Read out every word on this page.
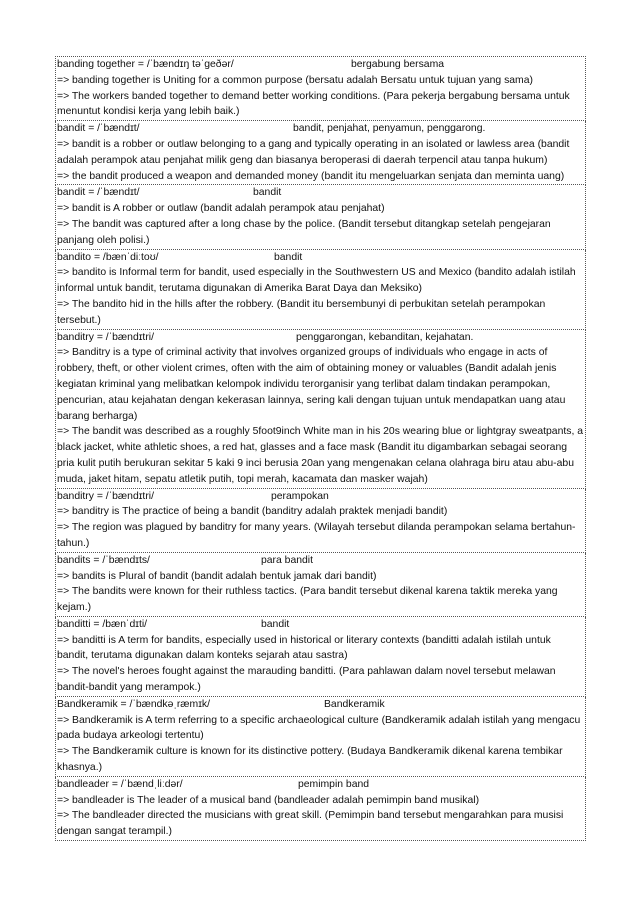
banding together = /ˈbændɪŋ təˈɡeðər/	bergabung bersama
=> banding together is Uniting for a common purpose (bersatu adalah Bersatu untuk tujuan yang sama)
=> The workers banded together to demand better working conditions. (Para pekerja bergabung bersama untuk menuntut kondisi kerja yang lebih baik.)
bandit = /ˈbændɪt/	bandit, penjahat, penyamun, penggarong.
=> bandit is a robber or outlaw belonging to a gang and typically operating in an isolated or lawless area (bandit adalah perampok atau penjahat milik geng dan biasanya beroperasi di daerah terpencil atau tanpa hukum)
=> the bandit produced a weapon and demanded money (bandit itu mengeluarkan senjata dan meminta uang)
bandit = /ˈbændɪt/	bandit
=> bandit is A robber or outlaw (bandit adalah perampok atau penjahat)
=> The bandit was captured after a long chase by the police. (Bandit tersebut ditangkap setelah pengejaran panjang oleh polisi.)
bandito = /bænˈdiːtoʊ/	bandit
=> bandito is Informal term for bandit, used especially in the Southwestern US and Mexico (bandito adalah istilah informal untuk bandit, terutama digunakan di Amerika Barat Daya dan Meksiko)
=> The bandito hid in the hills after the robbery. (Bandit itu bersembunyi di perbukitan setelah perampokan tersebut.)
banditry = /ˈbændɪtri/	penggarongan, kebanditan, kejahatan.
=> Banditry is a type of criminal activity that involves organized groups of individuals who engage in acts of robbery, theft, or other violent crimes, often with the aim of obtaining money or valuables (Bandit adalah jenis kegiatan kriminal yang melibatkan kelompok individu terorganisir yang terlibat dalam tindakan perampokan, pencurian, atau kejahatan dengan kekerasan lainnya, sering kali dengan tujuan untuk mendapatkan uang atau barang berharga)
=> The bandit was described as a roughly 5foot9inch White man in his 20s wearing blue or lightgray sweatpants, a black jacket, white athletic shoes, a red hat, glasses and a face mask (Bandit itu digambarkan sebagai seorang pria kulit putih berukuran sekitar 5 kaki 9 inci berusia 20an yang mengenakan celana olahraga biru atau abu-abu muda, jaket hitam, sepatu atletik putih, topi merah, kacamata dan masker wajah)
banditry = /ˈbændɪtri/	perampokan
=> banditry is The practice of being a bandit (banditry adalah praktek menjadi bandit)
=> The region was plagued by banditry for many years. (Wilayah tersebut dilanda perampokan selama bertahun-tahun.)
bandits = /ˈbændɪts/	para bandit
=> bandits is Plural of bandit (bandit adalah bentuk jamak dari bandit)
=> The bandits were known for their ruthless tactics. (Para bandit tersebut dikenal karena taktik mereka yang kejam.)
banditti = /bænˈdɪti/	bandit
=> banditti is A term for bandits, especially used in historical or literary contexts (banditti adalah istilah untuk bandit, terutama digunakan dalam konteks sejarah atau sastra)
=> The novel's heroes fought against the marauding banditti. (Para pahlawan dalam novel tersebut melawan bandit-bandit yang merampok.)
Bandkeramik = /ˈbændkəˌræmɪk/	Bandkeramik
=> Bandkeramik is A term referring to a specific archaeological culture (Bandkeramik adalah istilah yang mengacu pada budaya arkeologi tertentu)
=> The Bandkeramik culture is known for its distinctive pottery. (Budaya Bandkeramik dikenal karena tembikar khasnya.)
bandleader = /ˈbændˌliːdər/	pemimpin band
=> bandleader is The leader of a musical band (bandleader adalah pemimpin band musikal)
=> The bandleader directed the musicians with great skill. (Pemimpin band tersebut mengarahkan para musisi dengan sangat terampil.)
